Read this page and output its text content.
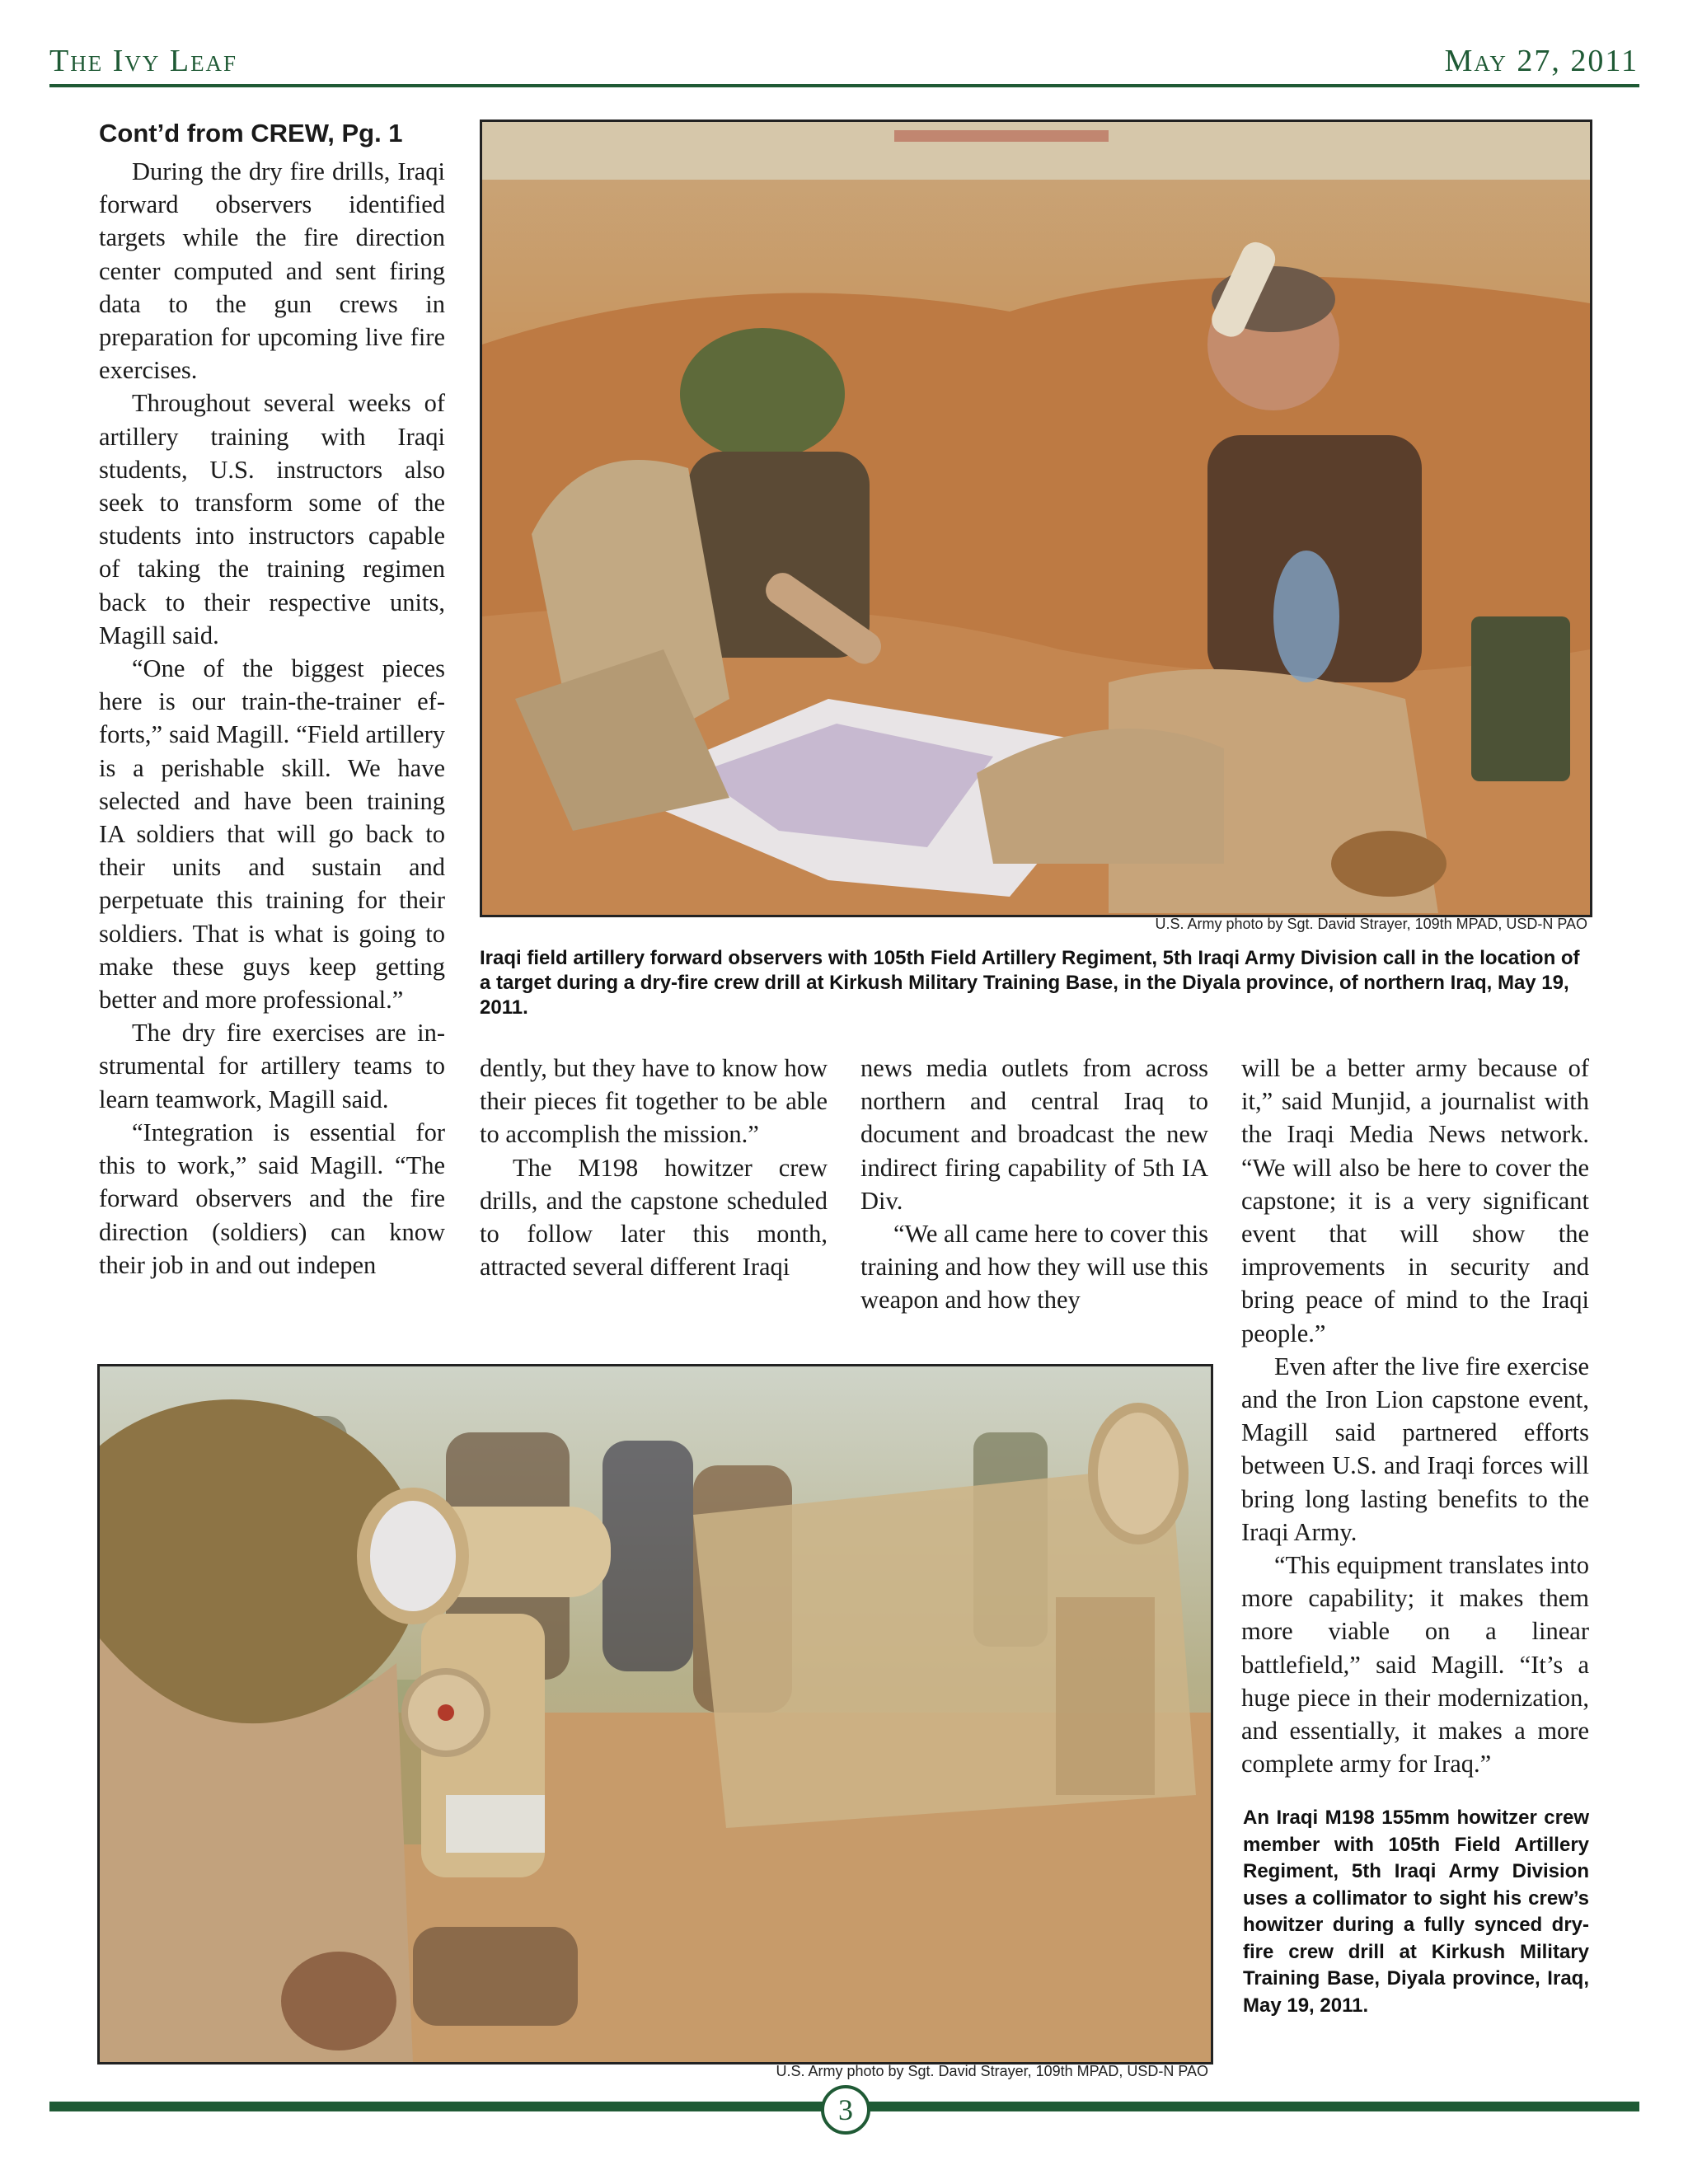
The Ivy Leaf	May 27, 2011
Cont’d from CREW, Pg. 1

During the dry fire drills, Iraqi forward observers identified targets while the fire direction center computed and sent firing data to the gun crews in preparation for upcoming live fire exercises.

Throughout several weeks of artillery training with Iraqi students, U.S. instructors also seek to transform some of the students into instructors capable of taking the training regimen back to their respective units, Magill said.

“One of the biggest pieces here is our train-the-trainer efforts,” said Magill. “Field artillery is a perishable skill. We have selected and have been training IA soldiers that will go back to their units and sustain and perpetuate this training for their soldiers. That is what is going to make these guys keep getting better and more professional.”

The dry fire exercises are instrumental for artillery teams to learn teamwork, Magill said.

“Integration is essential for this to work,” said Magill. “The forward observers and the fire direction (soldiers) can know their job in and out indepen

U.S. Army photo by Sgt. David Strayer, 109th MPAD, USD-N PAO
Iraqi field artillery forward observers with 105th Field Artillery Regiment, 5th Iraqi Army Division call in the location of a target during a dry-fire crew drill at Kirkush Military Training Base, in the Diyala province, of northern Iraq, May 19, 2011.

dently, but they have to know how their pieces fit together to be able to accomplish the mission.”

The M198 howitzer crew drills, and the capstone scheduled to follow later this month, attracted several different Iraqi

news media outlets from across northern and central Iraq to document and broadcast the new indirect firing capability of 5th IA Div.

“We all came here to cover this training and how they will use this weapon and how they

will be a better army because of it,” said Munjid, a journalist with the Iraqi Media News network. “We will also be here to cover the capstone; it is a very significant event that will show the improvements in security and bring peace of mind to the Iraqi people.”

Even after the live fire exercise and the Iron Lion capstone event, Magill said partnered efforts between U.S. and Iraqi forces will bring long lasting benefits to the Iraqi Army.

“This equipment translates into more capability; it makes them more viable on a linear battlefield,” said Magill. “It’s a huge piece in their modernization, and essentially, it makes a more complete army for Iraq.”

U.S. Army photo by Sgt. David Strayer, 109th MPAD, USD-N PAO
An Iraqi M198 155mm howitzer crew member with 105th Field Artillery Regiment, 5th Iraqi Army Division uses a collimator to sight his crew’s howitzer during a fully synced dry-fire crew drill at Kirkush Military Training Base, Diyala province, Iraq, May 19, 2011.
3
